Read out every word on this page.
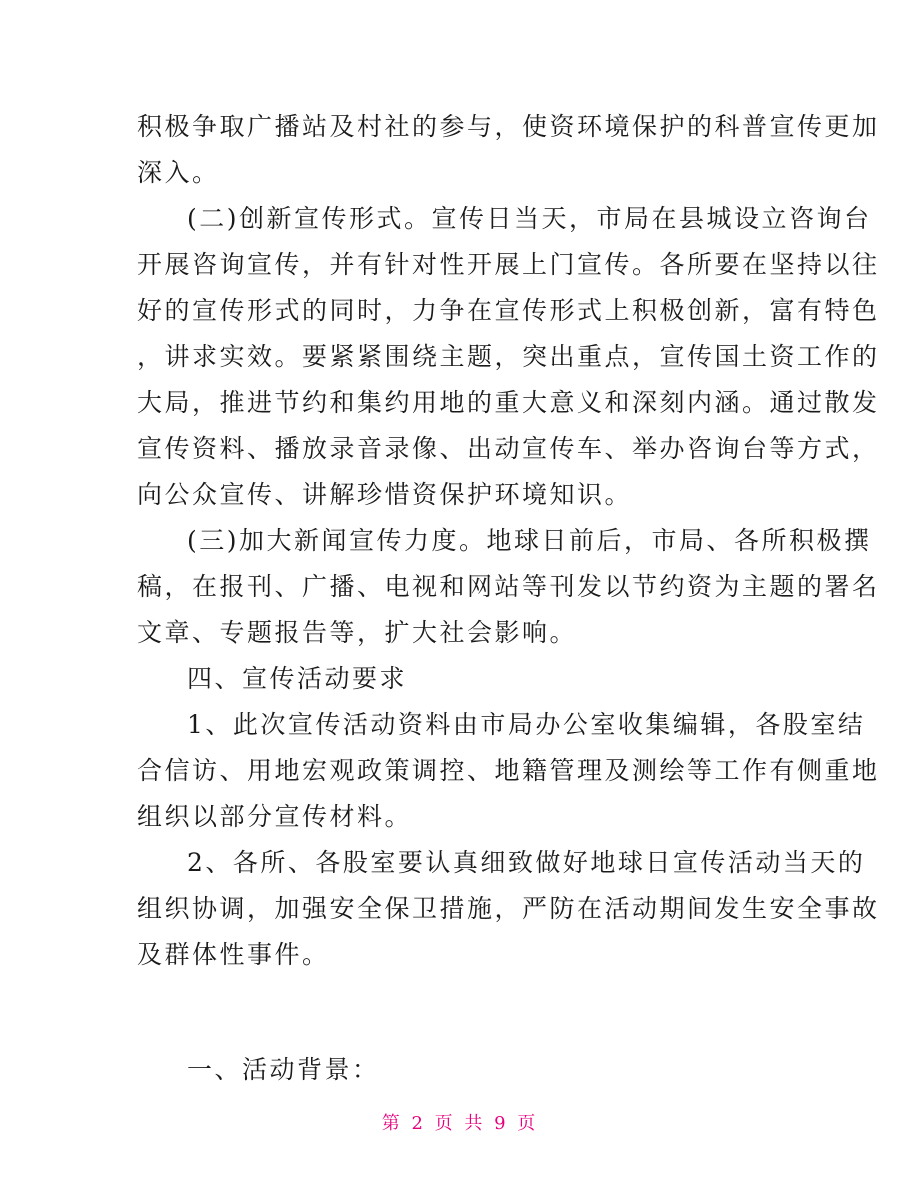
积极争取广播站及村社的参与，使资环境保护的科普宣传更加
深入。
(二)创新宣传形式。宣传日当天，市局在县城设立咨询台
开展咨询宣传，并有针对性开展上门宣传。各所要在坚持以往
好的宣传形式的同时，力争在宣传形式上积极创新，富有特色
，讲求实效。要紧紧围绕主题，突出重点，宣传国土资工作的
大局，推进节约和集约用地的重大意义和深刻内涵。通过散发
宣传资料、播放录音录像、出动宣传车、举办咨询台等方式，
向公众宣传、讲解珍惜资保护环境知识。
(三)加大新闻宣传力度。地球日前后，市局、各所积极撰
稿，在报刊、广播、电视和网站等刊发以节约资为主题的署名
文章、专题报告等，扩大社会影响。
四、宣传活动要求
1、此次宣传活动资料由市局办公室收集编辑，各股室结
合信访、用地宏观政策调控、地籍管理及测绘等工作有侧重地
组织以部分宣传材料。
2、各所、各股室要认真细致做好地球日宣传活动当天的
组织协调，加强安全保卫措施，严防在活动期间发生安全事故
及群体性事件。
一、活动背景：
第 2 页 共 9 页
